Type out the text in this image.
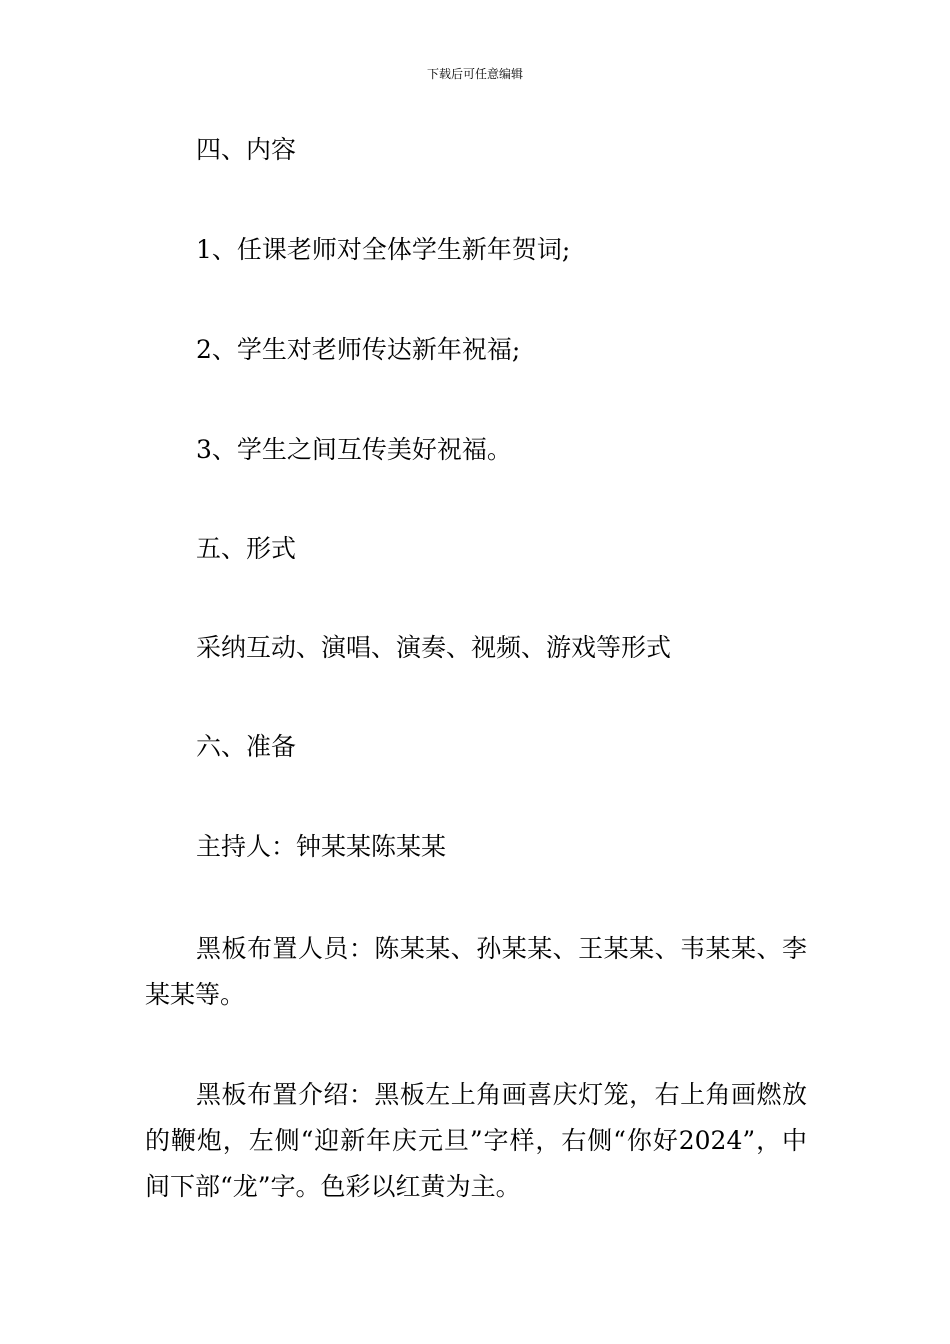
下载后可任意编辑
四、内容
1、任课老师对全体学生新年贺词;
2、学生对老师传达新年祝福;
3、学生之间互传美好祝福。
五、形式
采纳互动、演唱、演奏、视频、游戏等形式
六、准备
主持人：钟某某陈某某
黑板布置人员：陈某某、孙某某、王某某、韦某某、李某某等。
黑板布置介绍：黑板左上角画喜庆灯笼，右上角画燃放的鞭炮，左侧“迎新年庆元旦”字样，右侧“你好2024”，中间下部“龙”字。色彩以红黄为主。
